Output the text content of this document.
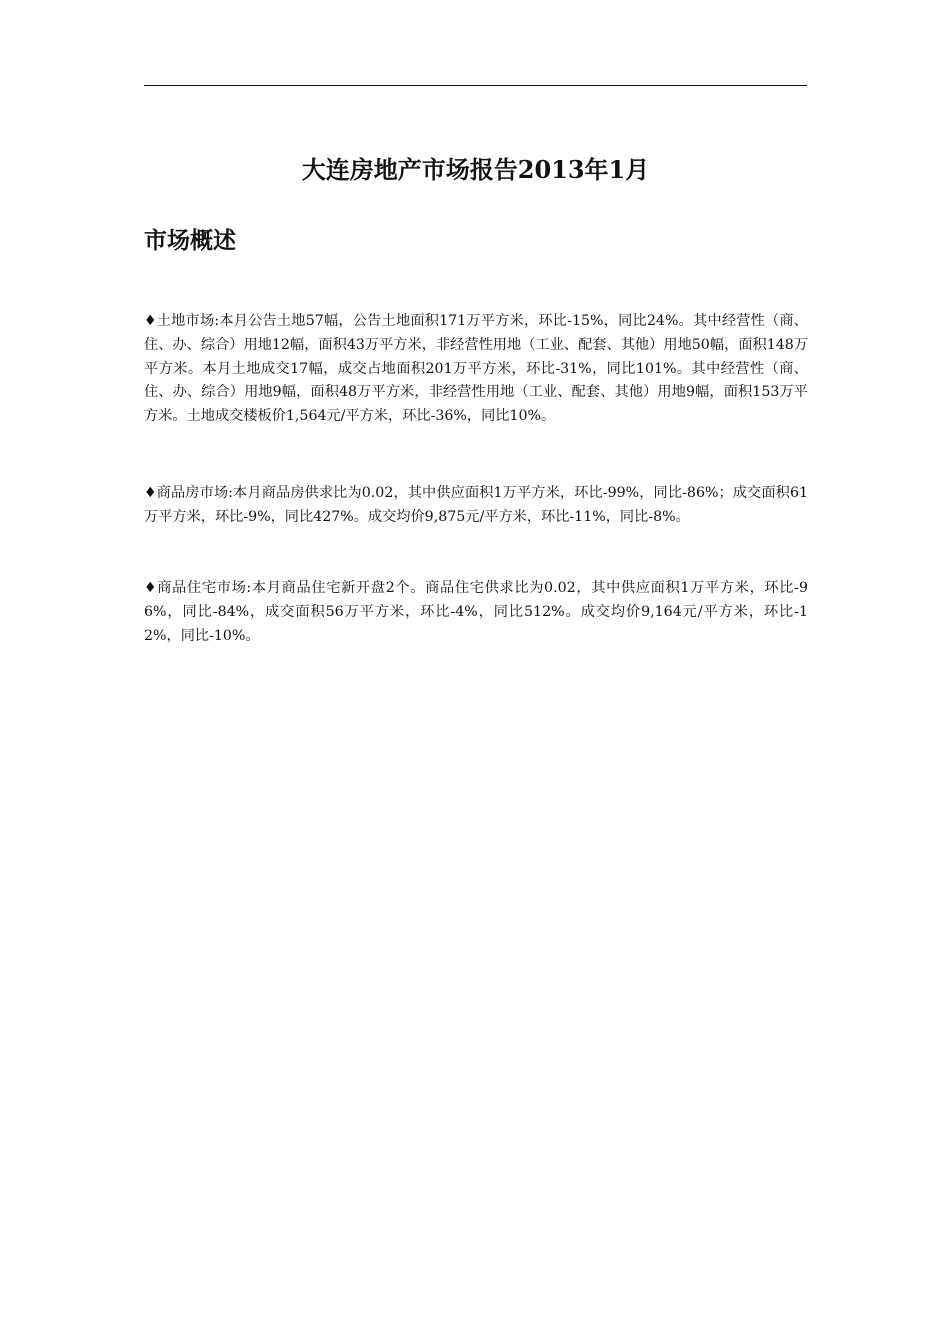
大连房地产市场报告2013年1月
市场概述

♦土地市场:本月公告土地57幅，公告土地面积171万平方米，环比-15%，同比24%。其中经营性（商、住、办、综合）用地12幅，面积43万平方米，非经营性用地（工业、配套、其他）用地50幅，面积148万平方米。本月土地成交17幅，成交占地面积201万平方米，环比-31%，同比101%。其中经营性（商、住、办、综合）用地9幅，面积48万平方米，非经营性用地（工业、配套、其他）用地9幅，面积153万平方米。土地成交楼板价1,564元/平方米，环比-36%，同比10%。

♦商品房市场:本月商品房供求比为0.02，其中供应面积1万平方米，环比-99%，同比-86%；成交面积61万平方米，环比-9%，同比427%。成交均价9,875元/平方米，环比-11%，同比-8%。

♦商品住宅市场:本月商品住宅新开盘2个。商品住宅供求比为0.02，其中供应面积1万平方米，环比-96%，同比-84%，成交面积56万平方米，环比-4%，同比512%。成交均价9,164元/平方米，环比-12%，同比-10%。
